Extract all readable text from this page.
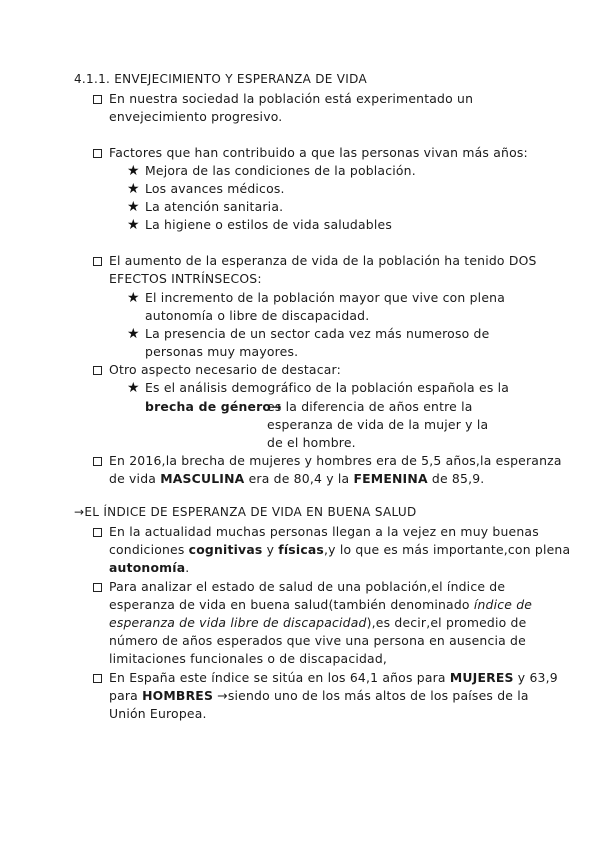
4.1.1. ENVEJECIMIENTO Y ESPERANZA DE VIDA
En nuestra sociedad la población está experimentado un
envejecimiento progresivo.
Factores que han contribuido a que las personas vivan más años:
★ Mejora de las condiciones de la población.
★ Los avances médicos.
★ La atención sanitaria.
★ La higiene o estilos de vida saludables
El aumento de la esperanza de vida de la población ha tenido DOS
EFECTOS INTRÍNSECOS:
★ El incremento de la población mayor que vive con plena
autonomía o libre de discapacidad.
★ La presencia de un sector cada vez más numeroso de
personas muy mayores.
Otro aspecto necesario de destacar:
★ Es el análisis demográfico de la población española es la
brecha de género→
es la diferencia de años entre la
esperanza de vida de la mujer y la
de el hombre.
En 2016,la brecha de mujeres y hombres era de 5,5 años,la esperanza
de vida MASCULINA era de 80,4 y la FEMENINA de 85,9.
→EL ÍNDICE DE ESPERANZA DE VIDA EN BUENA SALUD
En la actualidad muchas personas llegan a la vejez en muy buenas
condiciones cognitivas y físicas,y lo que es más importante,con plena
autonomía.
Para analizar el estado de salud de una población,el índice de
esperanza de vida en buena salud(también denominado índice de
esperanza de vida libre de discapacidad),es decir,el promedio de
número de años esperados que vive una persona en ausencia de
limitaciones funcionales o de discapacidad,
En España este índice se sitúa en los 64,1 años para MUJERES y 63,9
para HOMBRES →siendo uno de los más altos de los países de la
Unión Europea.
